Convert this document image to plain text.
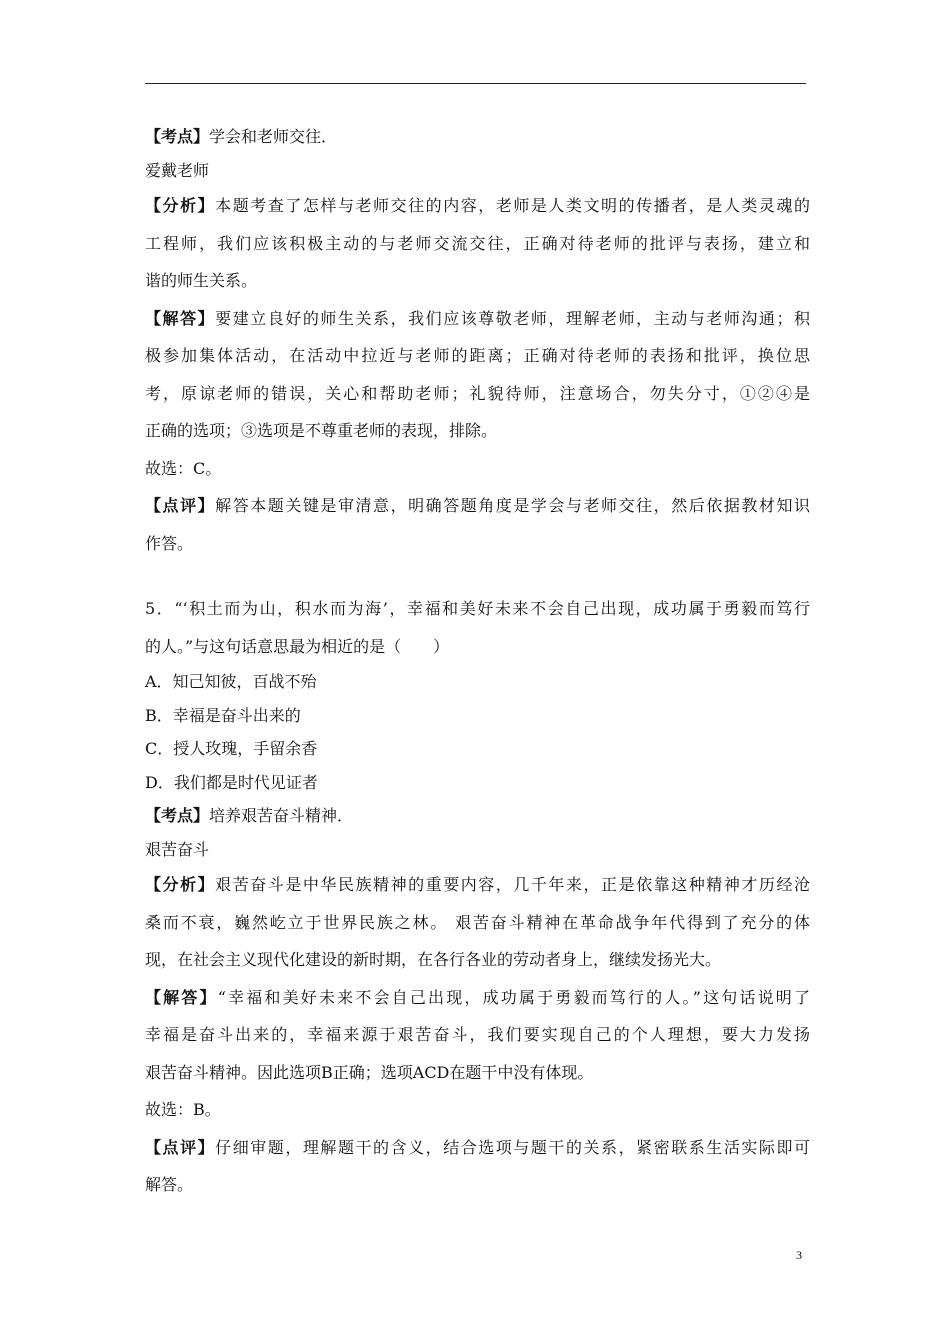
【考点】学会和老师交往．
爱戴老师
【分析】本题考查了怎样与老师交往的内容，老师是人类文明的传播者，是人类灵魂的
工程师，我们应该积极主动的与老师交流交往，正确对待老师的批评与表扬，建立和
谐的师生关系。
【解答】要建立良好的师生关系，我们应该尊敬老师，理解老师，主动与老师沟通；积
极参加集体活动，在活动中拉近与老师的距离；正确对待老师的表扬和批评，换位思
考，原谅老师的错误，关心和帮助老师；礼貌待师，注意场合，勿失分寸，①②④是
正确的选项；③选项是不尊重老师的表现，排除。
故选：C。
【点评】解答本题关键是审清意，明确答题角度是学会与老师交往，然后依据教材知识
作答。
5．“‘积土而为山，积水而为海’，幸福和美好未来不会自己出现，成功属于勇毅而笃行
的人。”与这句话意思最为相近的是（　　）
A．知己知彼，百战不殆
B．幸福是奋斗出来的
C．授人玫瑰，手留余香
D．我们都是时代见证者
【考点】培养艰苦奋斗精神．
艰苦奋斗
【分析】艰苦奋斗是中华民族精神的重要内容，几千年来，正是依靠这种精神才历经沧
桑而不衰，巍然屹立于世界民族之林。 艰苦奋斗精神在革命战争年代得到了充分的体
现，在社会主义现代化建设的新时期，在各行各业的劳动者身上，继续发扬光大。
【解答】“幸福和美好未来不会自己出现，成功属于勇毅而笃行的人。”这句话说明了
幸福是奋斗出来的，幸福来源于艰苦奋斗，我们要实现自己的个人理想，要大力发扬
艰苦奋斗精神。因此选项B正确；选项ACD在题干中没有体现。
故选：B。
【点评】仔细审题，理解题干的含义，结合选项与题干的关系，紧密联系生活实际即可
解答。
3
